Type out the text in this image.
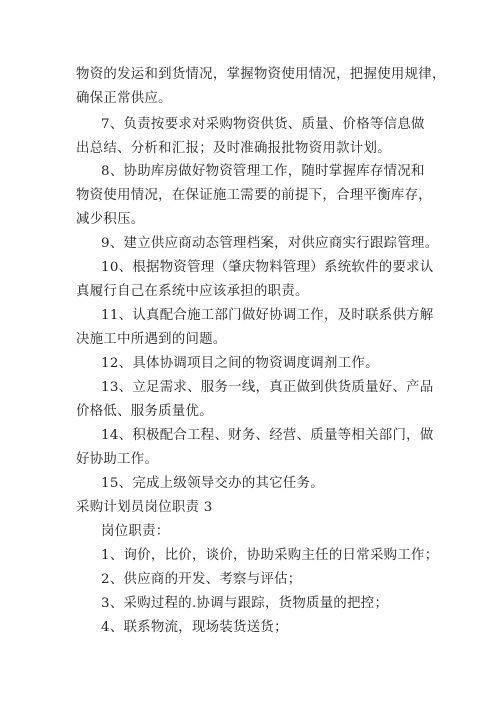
物资的发运和到货情况，掌握物资使用情况，把握使用规律，
确保正常供应。
7、负责按要求对采购物资供货、质量、价格等信息做
出总结、分析和汇报；及时准确报批物资用款计划。
8、协助库房做好物资管理工作，随时掌握库存情况和
物资使用情况，在保证施工需要的前提下，合理平衡库存，
减少积压。
9、建立供应商动态管理档案，对供应商实行跟踪管理。
10、根据物资管理（肇庆物料管理）系统软件的要求认
真履行自己在系统中应该承担的职责。
11、认真配合施工部门做好协调工作，及时联系供方解
决施工中所遇到的问题。
12、具体协调项目之间的物资调度调剂工作。
13、立足需求、服务一线，真正做到供货质量好、产品
价格低、服务质量优。
14、积极配合工程、财务、经营、质量等相关部门，做
好协助工作。
15、完成上级领导交办的其它任务。
采购计划员岗位职责 3
岗位职责：
1、询价，比价，谈价，协助采购主任的日常采购工作；
2、供应商的开发、考察与评估；
3、采购过程的.协调与跟踪，货物质量的把控；
4、联系物流，现场装货送货；
